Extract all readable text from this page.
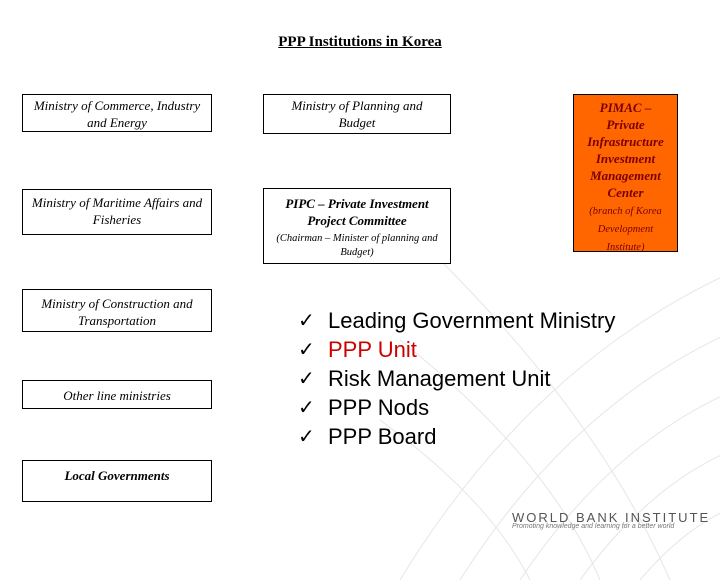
PPP Institutions in Korea
Ministry of Commerce, Industry and Energy
Ministry of Maritime Affairs and Fisheries
Ministry of Construction and Transportation
Other line ministries
Local Governments
Ministry of Planning and Budget
PIPC – Private Investment Project Committee
(Chairman – Minister of planning and Budget)
PIMAC – Private Infrastructure Investment Management Center
(branch of Korea Development Institute)
✓ Leading Government Ministry
✓ PPP Unit
✓ Risk Management Unit
✓ PPP Nods
✓ PPP Board
WORLD BANK INSTITUTE
Promoting knowledge and learning for a better world
